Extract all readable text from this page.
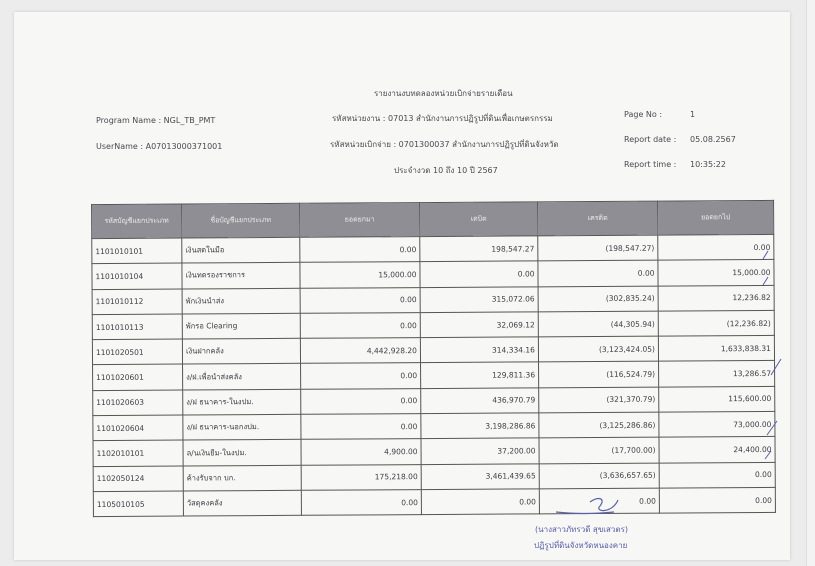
รายงานงบทดลองหน่วยเบิกจ่ายรายเดือน
Program Name : NGL_TB_PMT
UserName : A07013000371001
รหัสหน่วยงาน : 07013 สำนักงานการปฏิรูปที่ดินเพื่อเกษตรกรรม
รหัสหน่วยเบิกจ่าย : 0701300037 สำนักงานการปฏิรูปที่ดินจังหวัด
ประจำงวด 10 ถึง 10 ปี 2567
Page No :	1
Report date : 05.08.2567
Report time : 10:35:22
รหัสบัญชีแยกประเภท	ชื่อบัญชีแยกประเภท	ยอดยกมา	เดบิต	เครดิต	ยอดยกไป
1101010101	เงินสดในมือ	0.00	198,547.27	(198,547.27)	0.00
1101010104	เงินทดรองราชการ	15,000.00	0.00	0.00	15,000.00
1101010112	พักเงินนำส่ง	0.00	315,072.06	(302,835.24)	12,236.82
1101010113	พักรอ Clearing	0.00	32,069.12	(44,305.94)	(12,236.82)
1101020501	เงินฝากคลัง	4,442,928.20	314,334.16	(3,123,424.05)	1,633,838.31
1101020601	ง/ฝ.เพื่อนำส่งคลัง	0.00	129,811.36	(116,524.79)	13,286.57
1101020603	ง/ฝ ธนาคาร-ในงปม.	0.00	436,970.79	(321,370.79)	115,600.00
1101020604	ง/ฝ ธนาคาร-นอกงปม.	0.00	3,198,286.86	(3,125,286.86)	73,000.00
1102010101	ล/นเงินยืม-ในงปม.	4,900.00	37,200.00	(17,700.00)	24,400.00
1102050124	ค้างรับจาก บก.	175,218.00	3,461,439.65	(3,636,657.65)	0.00
1105010105	วัสดุคงคลัง	0.00	0.00	0.00	0.00
(นางสาวภัทรวดี สุขเสวตร)
ปฏิรูปที่ดินจังหวัดหนองคาย
